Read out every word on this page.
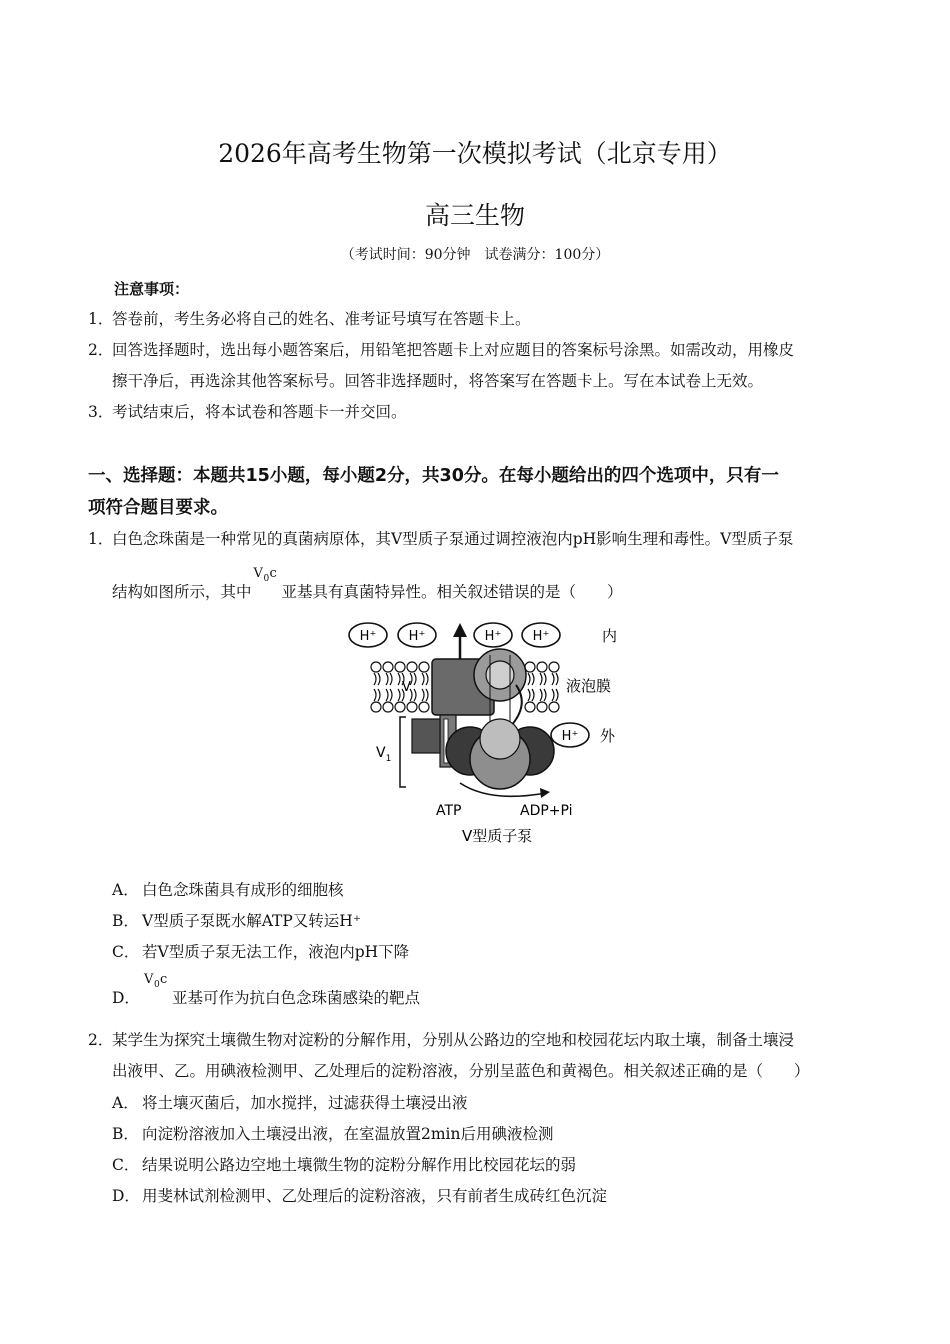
2026年高考生物第一次模拟考试（北京专用）
高三生物
（考试时间：90分钟　试卷满分：100分）
注意事项：
1．答卷前，考生务必将自己的姓名、准考证号填写在答题卡上。
2．回答选择题时，选出每小题答案后，用铅笔把答题卡上对应题目的答案标号涂黑。如需改动，用橡皮
擦干净后，再选涂其他答案标号。回答非选择题时，将答案写在答题卡上。写在本试卷上无效。
3．考试结束后，将本试卷和答题卡一并交回。
一、选择题：本题共15小题，每小题2分，共30分。在每小题给出的四个选项中，只有一
项符合题目要求。
1．白色念珠菌是一种常见的真菌病原体，其V型质子泵通过调控液泡内pH影响生理和毒性。V型质子泵
结构如图所示，其中
V 0 c
亚基具有真菌特异性。相关叙述错误的是（　　）
H⁺ H⁺	H⁺ H⁺	内
液泡膜
V
H⁺ 外
$V_1$
ATP	ADP+Pi
V型质子泵
A． 白色念珠菌具有成形的细胞核
B． V型质子泵既水解ATP又转运H⁺
C． 若V型质子泵无法工作，液泡内pH下降
D．
V 0 c
亚基可作为抗白色念珠菌感染的靶点
2．某学生为探究土壤微生物对淀粉的分解作用，分别从公路边的空地和校园花坛内取土壤，制备土壤浸
出液甲、乙。用碘液检测甲、乙处理后的淀粉溶液，分别呈蓝色和黄褐色。相关叙述正确的是（　　）
A． 将土壤灭菌后，加水搅拌，过滤获得土壤浸出液
B． 向淀粉溶液加入土壤浸出液，在室温放置2min后用碘液检测
C． 结果说明公路边空地土壤微生物的淀粉分解作用比校园花坛的弱
D． 用斐林试剂检测甲、乙处理后的淀粉溶液，只有前者生成砖红色沉淀
